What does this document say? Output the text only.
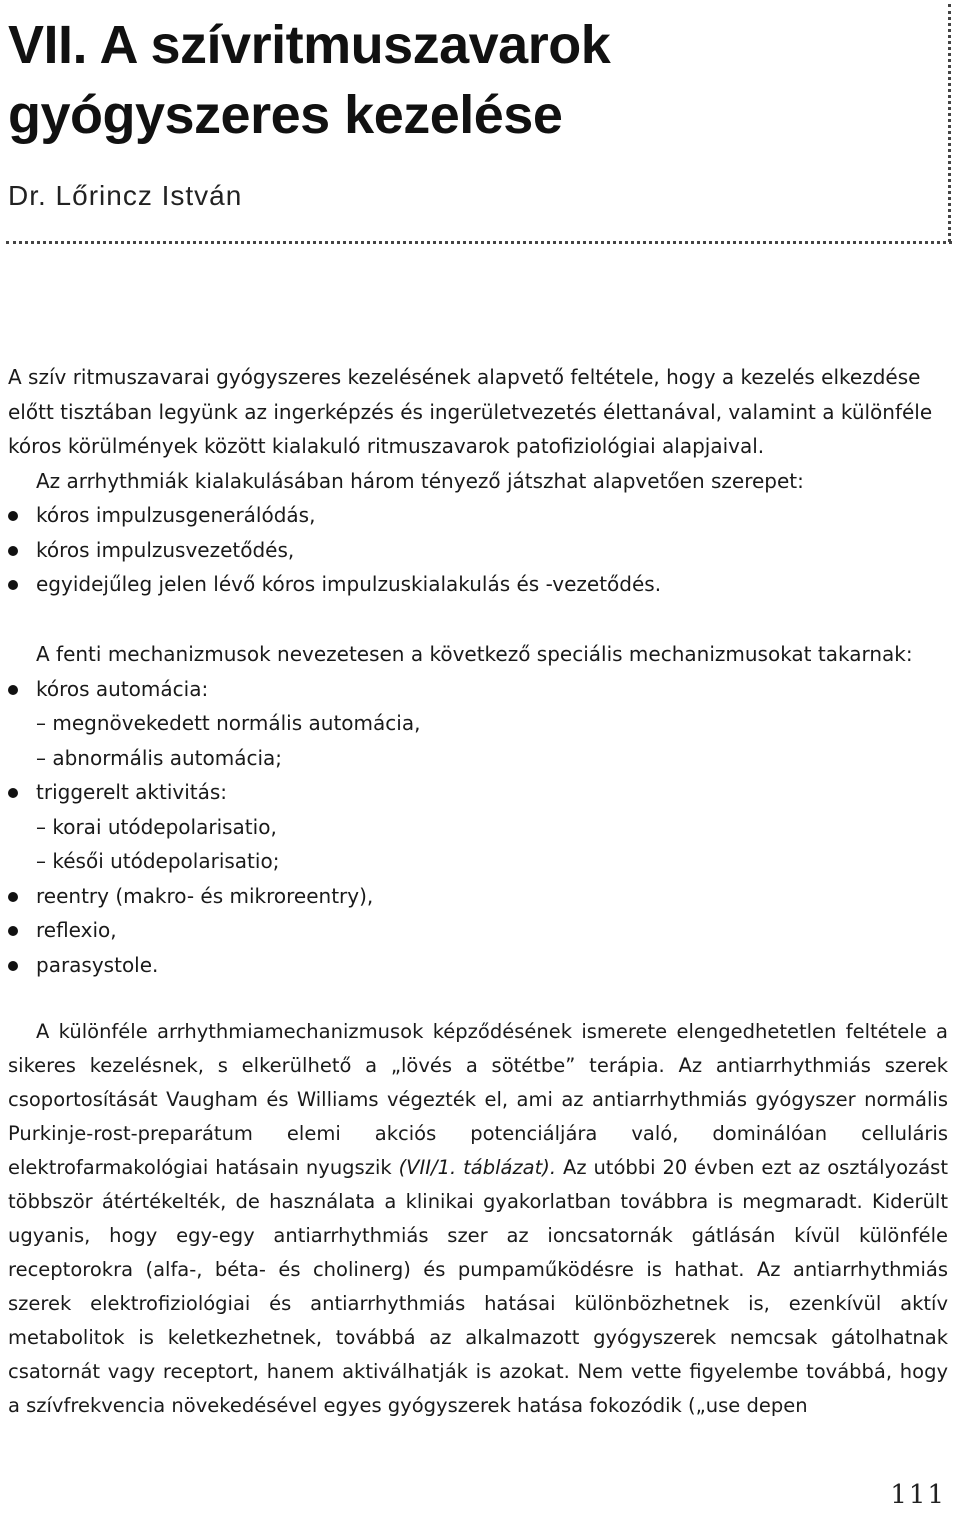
VII. A szívritmuszavarok
gyógyszeres kezelése
Dr. Lőrincz István

A szív ritmuszavarai gyógyszeres kezelésének alapvető feltétele, hogy a kezelés elkezdése előtt tisztában legyünk az ingerképzés és ingerületvezetés élettanával, valamint a különféle kóros körülmények között kialakuló ritmuszavarok patofiziológiai alapjaival.

Az arrhythmiák kialakulásában három tényező játszhat alapvetően szerepet:

kóros impulzusgenerálódás,
kóros impulzusvezetődés,
egyidejűleg jelen lévő kóros impulzuskialakulás és -vezetődés.

A fenti mechanizmusok nevezetesen a következő speciális mechanizmusokat takarnak:

kóros automácia:
– megnövekedett normális automácia,
– abnormális automácia;
triggerelt aktivitás:
– korai utódepolarisatio,
– késői utódepolarisatio;
reentry (makro- és mikroreentry),
reflexio,
parasystole.

A különféle arrhythmiamechanizmusok képződésének ismerete elengedhetetlen feltétele a sikeres kezelésnek, s elkerülhető a „lövés a sötétbe” terápia. Az antiarrhythmiás szerek csoportosítását Vaugham és Williams végezték el, ami az antiarrhythmiás gyógyszer normális Purkinje-rost-preparátum elemi akciós potenciáljára való, dominálóan celluláris elektrofarmakológiai hatásain nyugszik (VII/1. táblázat). Az utóbbi 20 évben ezt az osztályozást többször átértékelték, de használata a klinikai gyakorlatban továbbra is megmaradt. Kiderült ugyanis, hogy egy-egy antiarrhythmiás szer az ioncsatornák gátlásán kívül különféle receptorokra (alfa-, béta- és cholinerg) és pumpaműködésre is hathat. Az antiarrhythmiás szerek elektrofiziológiai és antiarrhythmiás hatásai különbözhetnek is, ezenkívül aktív metabolitok is keletkezhetnek, továbbá az alkalmazott gyógyszerek nemcsak gátolhatnak csatornát vagy receptort, hanem aktiválhatják is azokat. Nem vette figyelembe továbbá, hogy a szívfrekvencia növekedésével egyes gyógyszerek hatása fokozódik („use depen

111
